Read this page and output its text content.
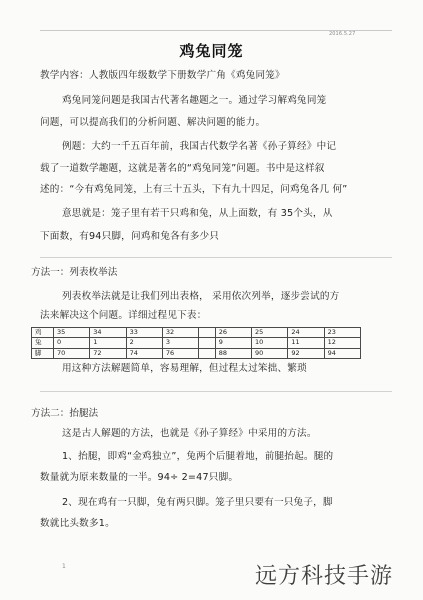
2016.5.27
鸡兔同笼
教学内容：人教版四年级数学下册数学广角《鸡兔同笼》
鸡兔同笼问题是我国古代著名趣题之一。通过学习解鸡兔同笼
问题，可以提高我们的分析问题、解决问题的能力。
例题：大约一千五百年前，我国古代数学名著《孙子算经》中记
载了一道数学趣题，这就是著名的“鸡兔同笼”问题。书中是这样叙
述的：“今有鸡兔同笼，上有三十五头，下有九十四足，问鸡兔各几 何”
意思就是：笼子里有若干只鸡和兔，从上面数，有 35个头，从
下面数，有94只脚，问鸡和兔各有多少只
方法一：列表枚举法
列表枚举法就是让我们列出表格， 采用依次列举，逐步尝试的方
法来解决这个问题。详细过程见下表：
鸡	35	34	33	32		26	25	24	23
兔	0	1	2	3		9	10	11	12
脚	70	72	74	76		88	90	92	94
用这种方法解题简单，容易理解，但过程太过笨拙、繁琐
方法二：抬腿法
这是古人解题的方法，也就是《孙子算经》中采用的方法。
1、抬腿，即鸡“金鸡独立”，兔两个后腿着地，前腿抬起。腿的
数量就为原来数量的一半。94÷ 2=47只脚。
2、现在鸡有一只脚，兔有两只脚。笼子里只要有一只兔子，脚
数就比头数多1。
1	远方科技手游
